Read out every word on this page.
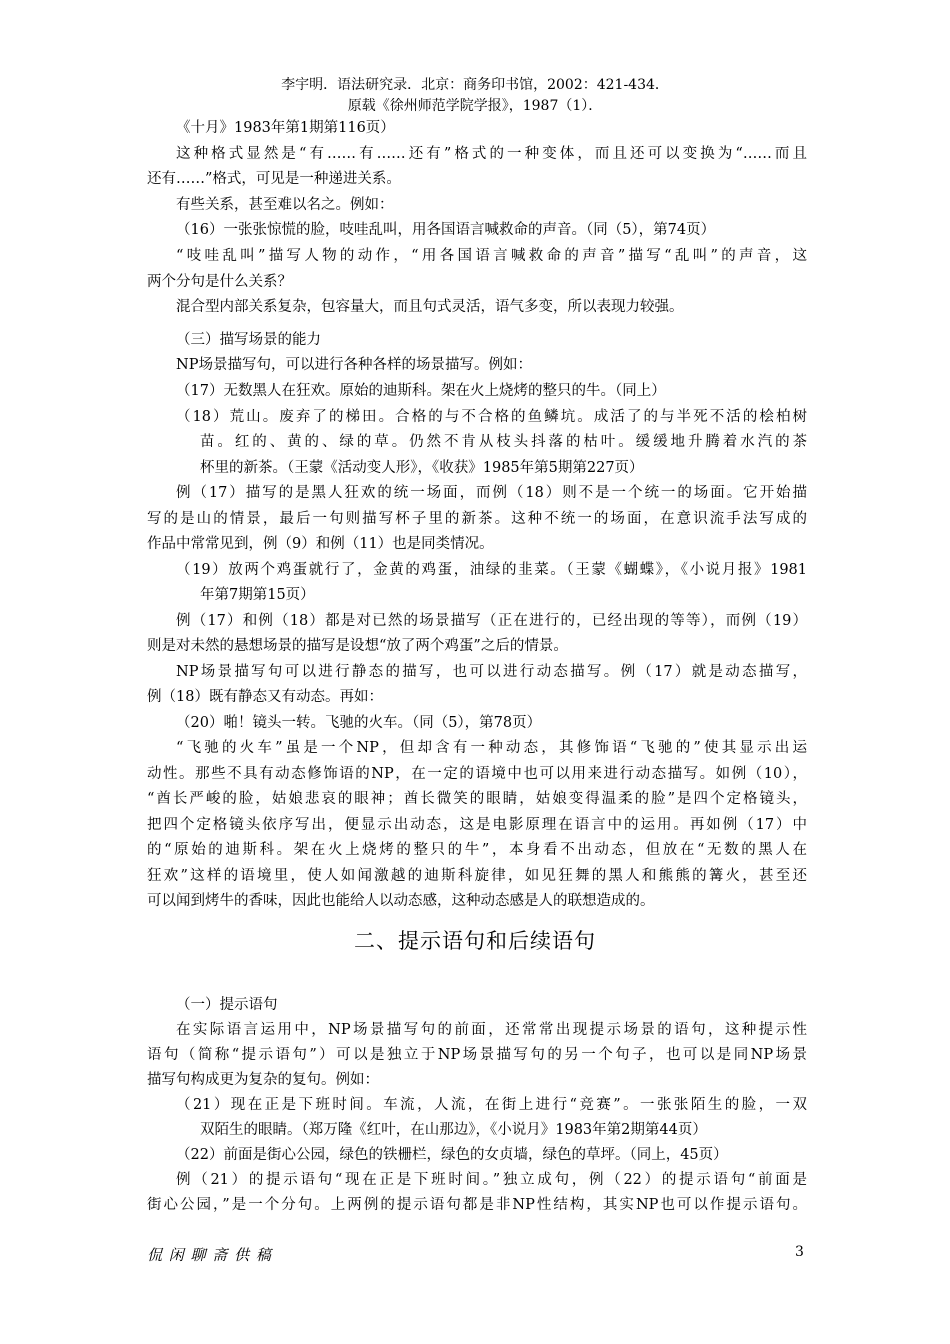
李宇明．语法研究录．北京：商务印书馆，2002：421-434．
原载《徐州师范学院学报》，1987（1）．
《十月》1983年第1期第116页）
这种格式显然是“有……有……还有”格式的一种变体，而且还可以变换为“……而且
还有……”格式，可见是一种递进关系。
有些关系，甚至难以名之。例如：
（16）一张张惊慌的脸，吱哇乱叫，用各国语言喊救命的声音。（同（5），第74页）
“吱哇乱叫”描写人物的动作，“用各国语言喊救命的声音”描写“乱叫”的声音，这
两个分句是什么关系？
混合型内部关系复杂，包容量大，而且句式灵活，语气多变，所以表现力较强。
（三）描写场景的能力
NP场景描写句，可以进行各种各样的场景描写。例如：
（17）无数黑人在狂欢。原始的迪斯科。架在火上烧烤的整只的牛。（同上）
（18）荒山。废弃了的梯田。合格的与不合格的鱼鳞坑。成活了的与半死不活的桧柏树
苗。红的、黄的、绿的草。仍然不肯从枝头抖落的枯叶。缓缓地升腾着水汽的茶
杯里的新茶。（王蒙《活动变人形》，《收获》1985年第5期第227页）
例（17）描写的是黑人狂欢的统一场面，而例（18）则不是一个统一的场面。它开始描
写的是山的情景，最后一句则描写杯子里的新茶。这种不统一的场面，在意识流手法写成的
作品中常常见到，例（9）和例（11）也是同类情况。
（19）放两个鸡蛋就行了，金黄的鸡蛋，油绿的韭菜。（王蒙《蝴蝶》，《小说月报》1981
年第7期第15页）
例（17）和例（18）都是对已然的场景描写（正在进行的，已经出现的等等），而例（19）
则是对未然的悬想场景的描写是设想“放了两个鸡蛋”之后的情景。
NP场景描写句可以进行静态的描写，也可以进行动态描写。例（17）就是动态描写，
例（18）既有静态又有动态。再如：
（20）啪！镜头一转。飞驰的火车。（同（5），第78页）
“飞驰的火车”虽是一个NP，但却含有一种动态，其修饰语“飞驰的”使其显示出运
动性。那些不具有动态修饰语的NP，在一定的语境中也可以用来进行动态描写。如例（10），
“酋长严峻的脸，姑娘悲哀的眼神；酋长微笑的眼睛，姑娘变得温柔的脸”是四个定格镜头，
把四个定格镜头依序写出，便显示出动态，这是电影原理在语言中的运用。再如例（17）中
的“原始的迪斯科。架在火上烧烤的整只的牛”，本身看不出动态，但放在“无数的黑人在
狂欢”这样的语境里，使人如闻激越的迪斯科旋律，如见狂舞的黑人和熊熊的篝火，甚至还
可以闻到烤牛的香味，因此也能给人以动态感，这种动态感是人的联想造成的。
二、提示语句和后续语句
（一）提示语句
在实际语言运用中，NP场景描写句的前面，还常常出现提示场景的语句，这种提示性
语句（简称“提示语句”）可以是独立于NP场景描写句的另一个句子，也可以是同NP场景
描写句构成更为复杂的复句。例如：
（21）现在正是下班时间。车流，人流，在街上进行“竞赛”。一张张陌生的脸，一双
双陌生的眼睛。（郑万隆《红叶，在山那边》，《小说月》1983年第2期第44页）
（22）前面是街心公园，绿色的铁栅栏，绿色的女贞墙，绿色的草坪。（同上，45页）
例（21）的提示语句“现在正是下班时间。”独立成句，例（22）的提示语句“前面是
街心公园，”是一个分句。上两例的提示语句都是非NP性结构，其实NP也可以作提示语句。
侃 闲 聊 斋 供 稿	3
